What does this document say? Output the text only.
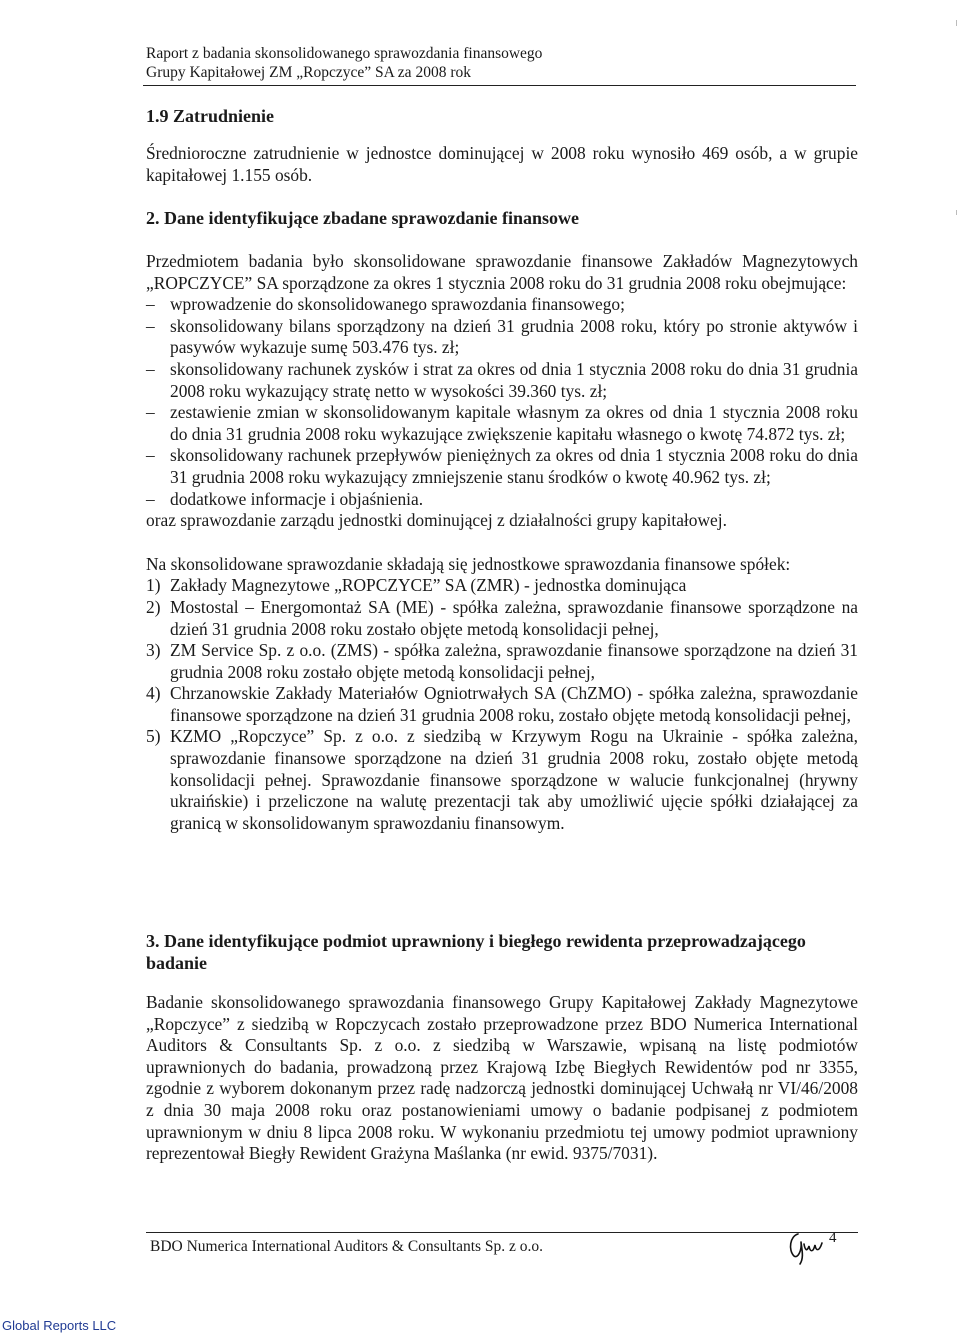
Raport z badania skonsolidowanego sprawozdania finansowego
Grupy Kapitałowej ZM „Ropczyce” SA za 2008 rok
1.9 Zatrudnienie

Średnioroczne zatrudnienie w jednostce dominującej w 2008 roku wynosiło 469 osób, a w grupie kapitałowej 1.155 osób.

2. Dane identyfikujące zbadane sprawozdanie finansowe

Przedmiotem badania było skonsolidowane sprawozdanie finansowe Zakładów Magnezytowych „ROPCZYCE” SA sporządzone za okres 1 stycznia 2008 roku do 31 grudnia 2008 roku obejmujące:

– wprowadzenie do skonsolidowanego sprawozdania finansowego;
– skonsolidowany bilans sporządzony na dzień 31 grudnia 2008 roku, który po stronie aktywów i pasywów wykazuje sumę 503.476 tys. zł;
– skonsolidowany rachunek zysków i strat za okres od dnia 1 stycznia 2008 roku do dnia 31 grudnia 2008 roku wykazujący stratę netto w wysokości 39.360 tys. zł;
– zestawienie zmian w skonsolidowanym kapitale własnym za okres od dnia 1 stycznia 2008 roku do dnia 31 grudnia 2008 roku wykazujące zwiększenie kapitału własnego o kwotę 74.872 tys. zł;
– skonsolidowany rachunek przepływów pieniężnych za okres od dnia 1 stycznia 2008 roku do dnia 31 grudnia 2008 roku wykazujący zmniejszenie stanu środków o kwotę 40.962 tys. zł;
– dodatkowe informacje i objaśnienia.

oraz sprawozdanie zarządu jednostki dominującej z działalności grupy kapitałowej.

Na skonsolidowane sprawozdanie składają się jednostkowe sprawozdania finansowe spółek:

1) Zakłady Magnezytowe „ROPCZYCE” SA (ZMR) - jednostka dominująca
2) Mostostal – Energomontaż SA (ME) - spółka zależna, sprawozdanie finansowe sporządzone na dzień 31 grudnia 2008 roku zostało objęte metodą konsolidacji pełnej,
3) ZM Service Sp. z o.o. (ZMS) - spółka zależna, sprawozdanie finansowe sporządzone na dzień 31 grudnia 2008 roku zostało objęte metodą konsolidacji pełnej,
4) Chrzanowskie Zakłady Materiałów Ogniotrwałych SA (ChZMO) - spółka zależna, sprawozdanie finansowe sporządzone na dzień 31 grudnia 2008 roku, zostało objęte metodą konsolidacji pełnej,
5) KZMO „Ropczyce” Sp. z o.o. z siedzibą w Krzywym Rogu na Ukrainie - spółka zależna, sprawozdanie finansowe sporządzone na dzień 31 grudnia 2008 roku, zostało objęte metodą konsolidacji pełnej. Sprawozdanie finansowe sporządzone w walucie funkcjonalnej (hrywny ukraińskie) i przeliczone na walutę prezentacji tak aby umożliwić ujęcie spółki działającej za granicą w skonsolidowanym sprawozdaniu finansowym.
3. Dane identyfikujące podmiot uprawniony i biegłego rewidenta przeprowadzającego badanie

Badanie skonsolidowanego sprawozdania finansowego Grupy Kapitałowej Zakłady Magnezytowe „Ropczyce” z siedzibą w Ropczycach zostało przeprowadzone przez BDO Numerica International Auditors & Consultants Sp. z o.o. z siedzibą w Warszawie, wpisaną na listę podmiotów uprawnionych do badania, prowadzoną przez Krajową Izbę Biegłych Rewidentów pod nr 3355, zgodnie z wyborem dokonanym przez radę nadzorczą jednostki dominującej Uchwałą nr VI/46/2008 z dnia 30 maja 2008 roku oraz postanowieniami umowy o badanie podpisanej z podmiotem uprawnionym w dniu 8 lipca 2008 roku. W wykonaniu przedmiotu tej umowy podmiot uprawniony reprezentował Biegły Rewident Grażyna Maślanka (nr ewid. 9375/7031).

BDO Numerica International Auditors & Consultants Sp. z o.o.	4
Global Reports LLC
